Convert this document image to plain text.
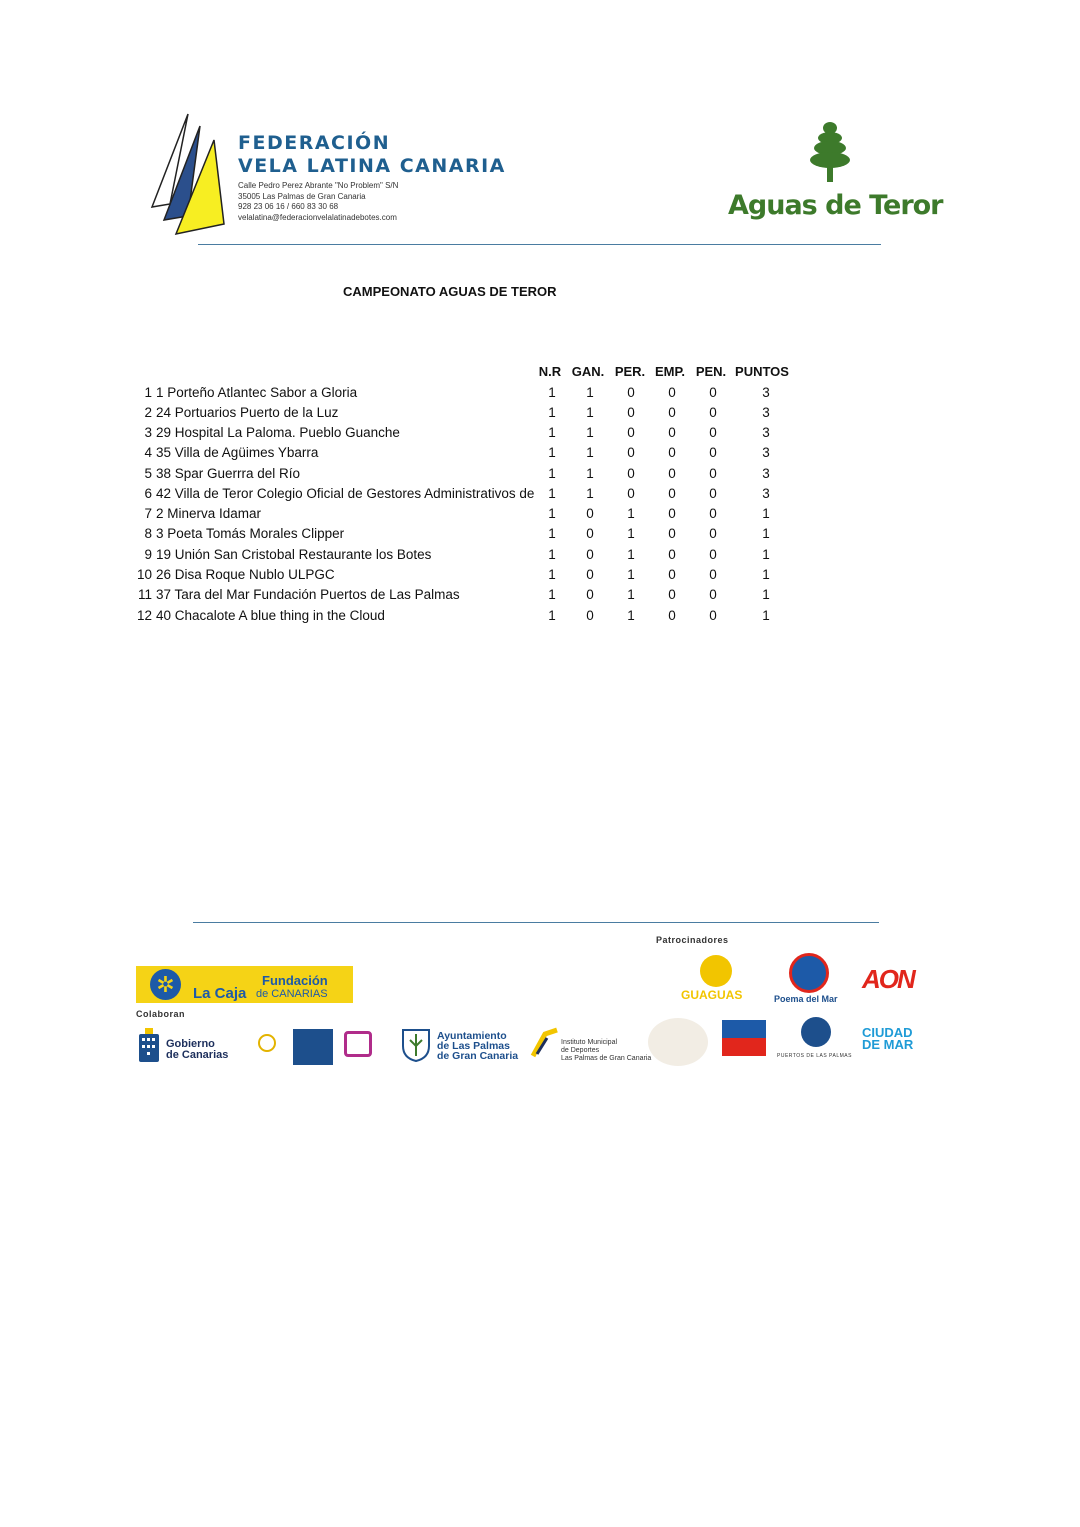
FEDERACIÓN
VELA LATINA CANARIA
Calle Pedro Perez Abrante "No Problem" S/N
35005 Las Palmas de Gran Canaria
928 23 06 16 / 660 83 30 68
velalatina@federacionvelalatinadebotes.com	Aguas de Teror
CAMPEONATO AGUAS DE TEROR
N.R GAN. PER. EMP. PEN. PUNTOS
1 1 Porteño Atlantec Sabor a Gloria	1	1	0	0	0	3
2 24 Portuarios Puerto de la Luz	1	1	0	0	0	3
3 29 Hospital La Paloma. Pueblo Guanche	1	1	0	0	0	3
4 35 Villa de Agüimes Ybarra	1	1	0	0	0	3
5 38 Spar Guerrra del Río	1	1	0	0	0	3
6 42 Villa de Teror Colegio Oficial de Gestores Administrativos de	1	1	0	0	0	3
7 2 Minerva Idamar	1	0	1	0	0	1
8 3 Poeta Tomás Morales Clipper	1	0	1	0	0	1
9 19 Unión San Cristobal Restaurante los Botes	1	0	1	0	0	1
10 26 Disa Roque Nublo ULPGC	1	0	1	0	0	1
11 37 Tara del Mar Fundación Puertos de Las Palmas	1	0	1	0	0	1
12 40 Chacalote A blue thing in the Cloud	1	0	1	0	0	1
Patrocinadores
✲	Fundación
La Caja de CANARIAS
Colaboran
GUAGUAS	Poema del Mar
AON
Gobierno
de Canarias
Ayuntamiento
de Las Palmas
de Gran Canaria
Instituto Municipal
de Deportes
Las Palmas de Gran Canaria	PUERTOS DE LAS PALMAS
CIUDAD
DE MAR
